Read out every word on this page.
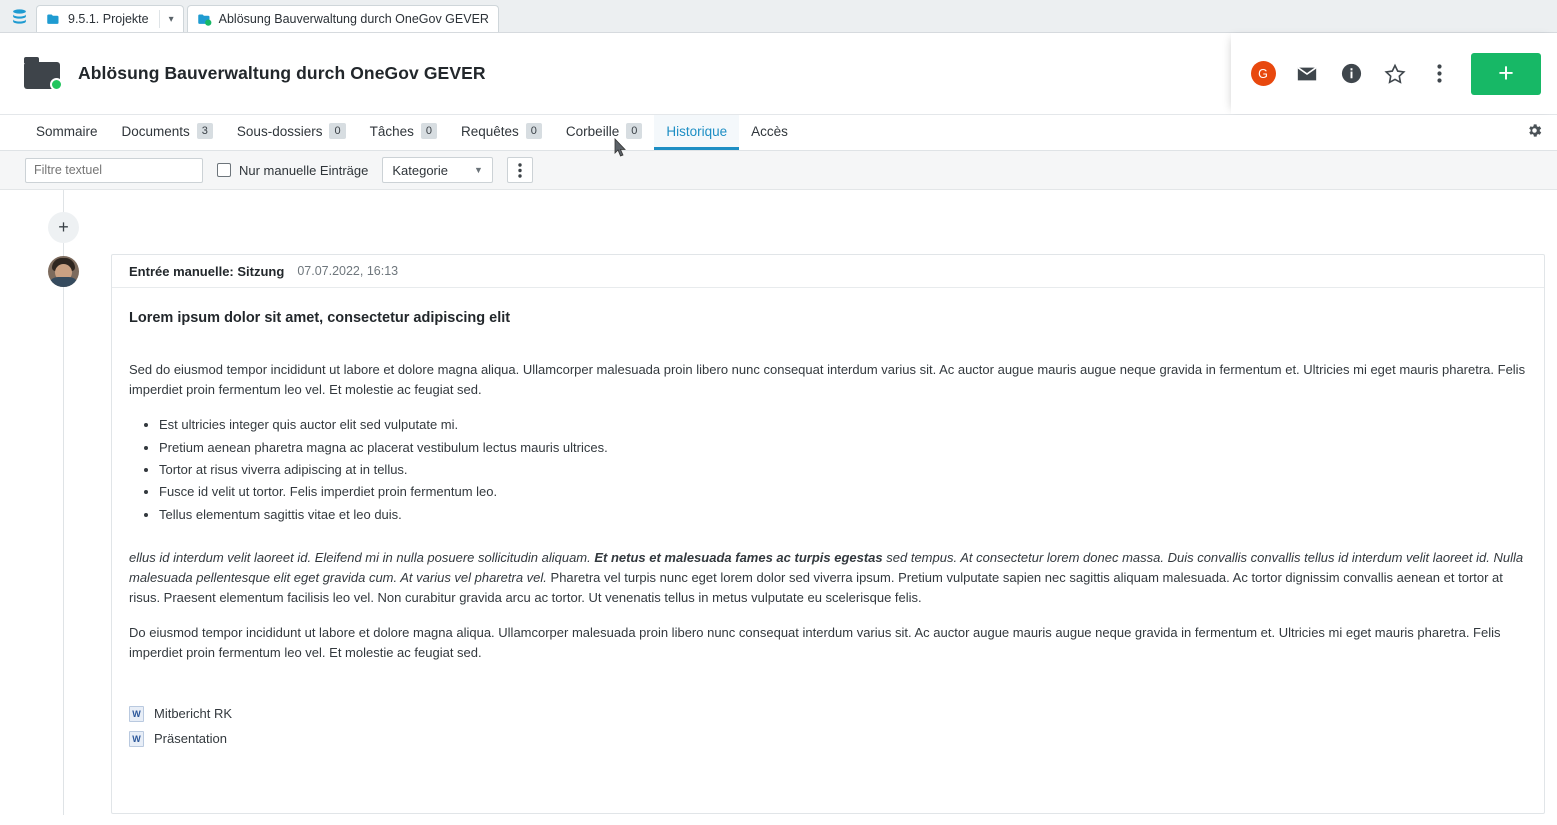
9.5.1. Projekte	▾	Ablösung Bauverwaltung durch OneGov GEVER
Ablösung Bauverwaltung durch OneGov GEVER	G	+
Sommaire Documents	3	Sous-dossiers	0	Tâches	0	Requêtes	0	Corbeille	0	Historique Accès
Filtre textuel
Nur manuelle Einträge Kategorie	▼
+
Entrée manuelle: Sitzung 07.07.2022, 16:13
Lorem ipsum dolor sit amet, consectetur adipiscing elit

Sed do eiusmod tempor incididunt ut labore et dolore magna aliqua. Ullamcorper malesuada proin libero nunc consequat interdum varius sit. Ac auctor augue mauris augue neque gravida in fermentum et. Ultricies mi eget mauris pharetra. Felis imperdiet proin fermentum leo vel. Et molestie ac feugiat sed.

• Est ultricies integer quis auctor elit sed vulputate mi.
• Pretium aenean pharetra magna ac placerat vestibulum lectus mauris ultrices.
• Tortor at risus viverra adipiscing at in tellus.
• Fusce id velit ut tortor. Felis imperdiet proin fermentum leo.
• Tellus elementum sagittis vitae et leo duis.

ellus id interdum velit laoreet id. Eleifend mi in nulla posuere sollicitudin aliquam. Et netus et malesuada fames ac turpis egestas sed tempus. At consectetur lorem donec massa. Duis convallis convallis tellus id interdum velit laoreet id. Nulla malesuada pellentesque elit eget gravida cum. At varius vel pharetra vel. Pharetra vel turpis nunc eget lorem dolor sed viverra ipsum. Pretium vulputate sapien nec sagittis aliquam malesuada. Ac tortor dignissim convallis aenean et tortor at risus. Praesent elementum facilisis leo vel. Non curabitur gravida arcu ac tortor. Ut venenatis tellus in metus vulputate eu scelerisque felis.

Do eiusmod tempor incididunt ut labore et dolore magna aliqua. Ullamcorper malesuada proin libero nunc consequat interdum varius sit. Ac auctor augue mauris augue neque gravida in fermentum et. Ultricies mi eget mauris pharetra. Felis imperdiet proin fermentum leo vel. Et molestie ac feugiat sed.

W Mitbericht RK
W Präsentation
